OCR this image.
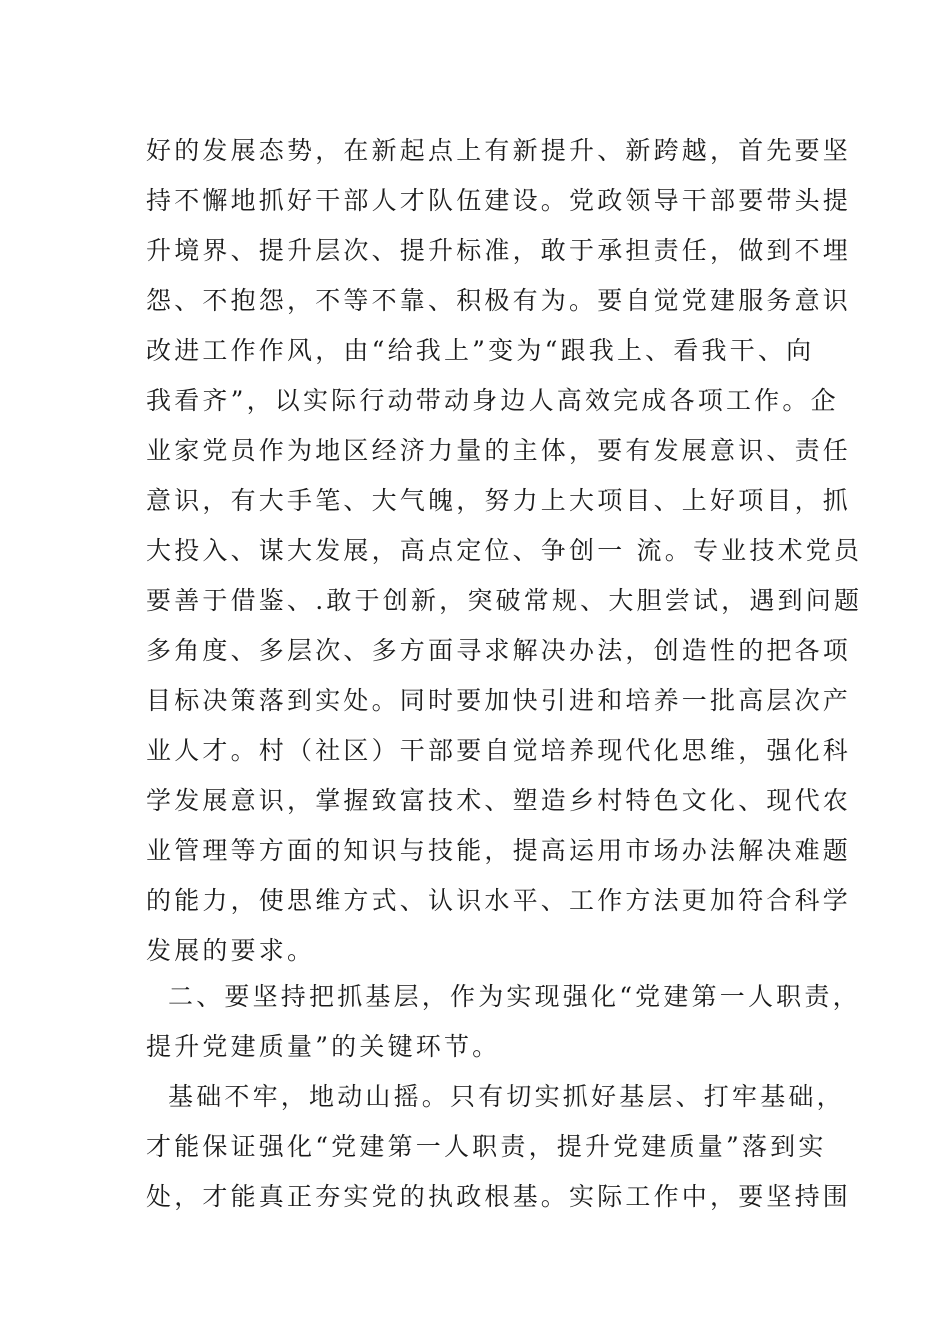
好的发展态势，在新起点上有新提升、新跨越，首先要坚
持不懈地抓好干部人才队伍建设。党政领导干部要带头提
升境界、提升层次、提升标准，敢于承担责任，做到不埋
怨、不抱怨，不等不靠、积极有为。要自觉党建服务意识
改进工作作风，由“给我上”变为“跟我上、看我干、向
我看齐”，以实际行动带动身边人高效完成各项工作。企
业家党员作为地区经济力量的主体，要有发展意识、责任
意识，有大手笔、大气魄，努力上大项目、上好项目，抓
大投入、谋大发展，高点定位、争创一 流。专业技术党员
要善于借鉴、.敢于创新，突破常规、大胆尝试，遇到问题
多角度、多层次、多方面寻求解决办法，创造性的把各项
目标决策落到实处。同时要加快引进和培养一批高层次产
业人才。村（社区）干部要自觉培养现代化思维，强化科
学发展意识，掌握致富技术、塑造乡村特色文化、现代农
业管理等方面的知识与技能，提高运用市场办法解决难题
的能力，使思维方式、认识水平、工作方法更加符合科学
发展的要求。
二、要坚持把抓基层，作为实现强化“党建第一人职责，
提升党建质量”的关键环节。
基础不牢，地动山摇。只有切实抓好基层、打牢基础，
才能保证强化“党建第一人职责，提升党建质量”落到实
处，才能真正夯实党的执政根基。实际工作中，要坚持围
